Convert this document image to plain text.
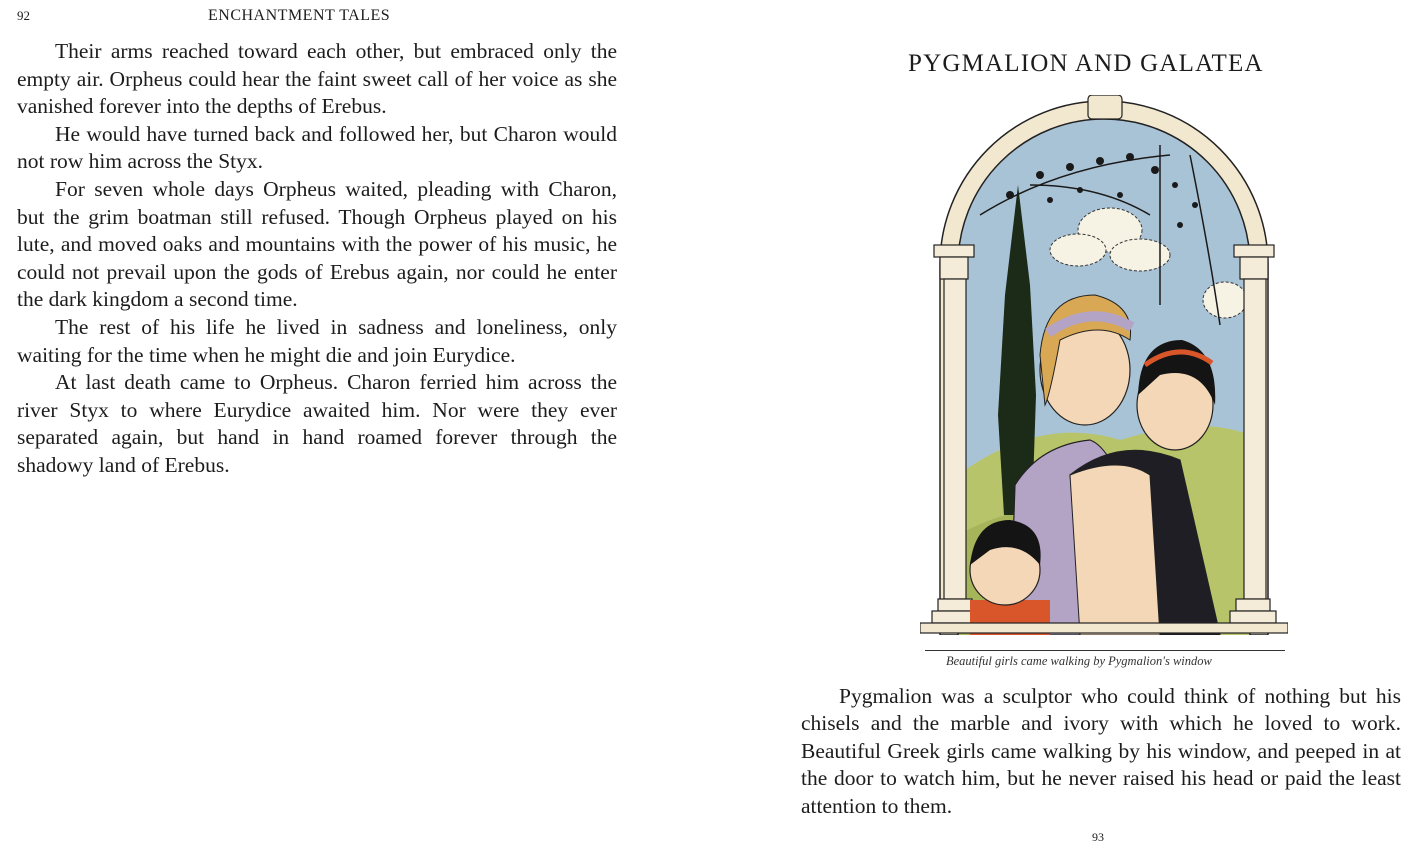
92	ENCHANTMENT TALES

Their arms reached toward each other, but embraced only the empty air. Orpheus could hear the faint sweet call of her voice as she vanished forever into the depths of Erebus.

He would have turned back and followed her, but Charon would not row him across the Styx.

For seven whole days Orpheus waited, pleading with Charon, but the grim boatman still refused. Though Orpheus played on his lute, and moved oaks and mountains with the power of his music, he could not prevail upon the gods of Erebus again, nor could he enter the dark kingdom a second time.

The rest of his life he lived in sadness and loneliness, only waiting for the time when he might die and join Eurydice.

At last death came to Orpheus. Charon ferried him across the river Styx to where Eurydice awaited him. Nor were they ever separated again, but hand in hand roamed forever through the shadowy land of Erebus.

PYGMALION AND GALATEA
Beautiful girls came walking by Pygmalion's window

Pygmalion was a sculptor who could think of nothing but his chisels and the marble and ivory with which he loved to work. Beautiful Greek girls came walking by his window, and peeped in at the door to watch him, but he never raised his head or paid the least attention to them.

93
